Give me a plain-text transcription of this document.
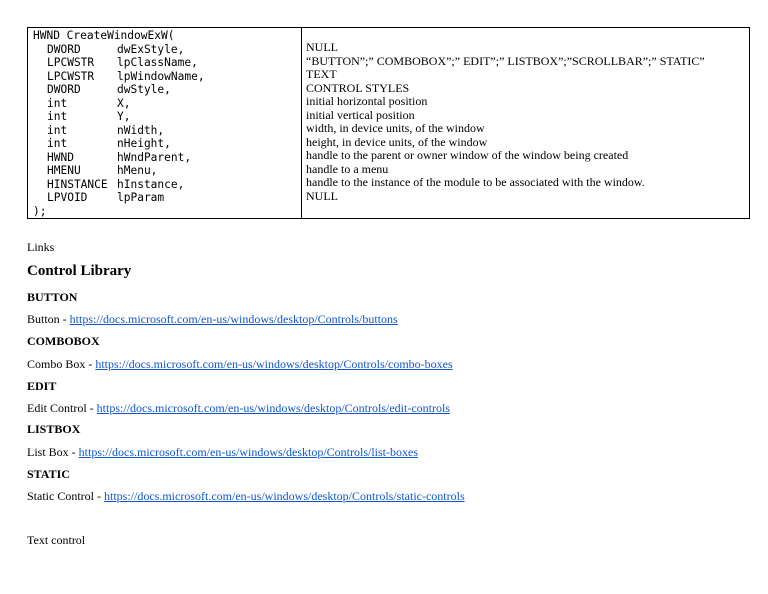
HWND CreateWindowExW(
DWORD	dwExStyle,
LPCWSTR lpClassName,
LPCWSTR lpWindowName,
DWORD	dwStyle,
int	X,
int	Y,
int	nWidth,
int	nHeight,
HWND	hWndParent,
HMENU	hMenu,
HINSTANCE hInstance,
LPVOID	lpParam
);

NULL
“BUTTON”;” COMBOBOX”;” EDIT”;” LISTBOX”;”SCROLLBAR”;” STATIC”
TEXT
CONTROL STYLES
initial horizontal position
initial vertical position
width, in device units, of the window
height, in device units, of the window
handle to the parent or owner window of the window being created
handle to a menu
handle to the instance of the module to be associated with the window.
NULL
Links
Control Library
BUTTON
Button - https://docs.microsoft.com/en-us/windows/desktop/Controls/buttons
COMBOBOX
Combo Box - https://docs.microsoft.com/en-us/windows/desktop/Controls/combo-boxes
EDIT
Edit Control - https://docs.microsoft.com/en-us/windows/desktop/Controls/edit-controls
LISTBOX
List Box - https://docs.microsoft.com/en-us/windows/desktop/Controls/list-boxes
STATIC
Static Control - https://docs.microsoft.com/en-us/windows/desktop/Controls/static-controls
Text control
